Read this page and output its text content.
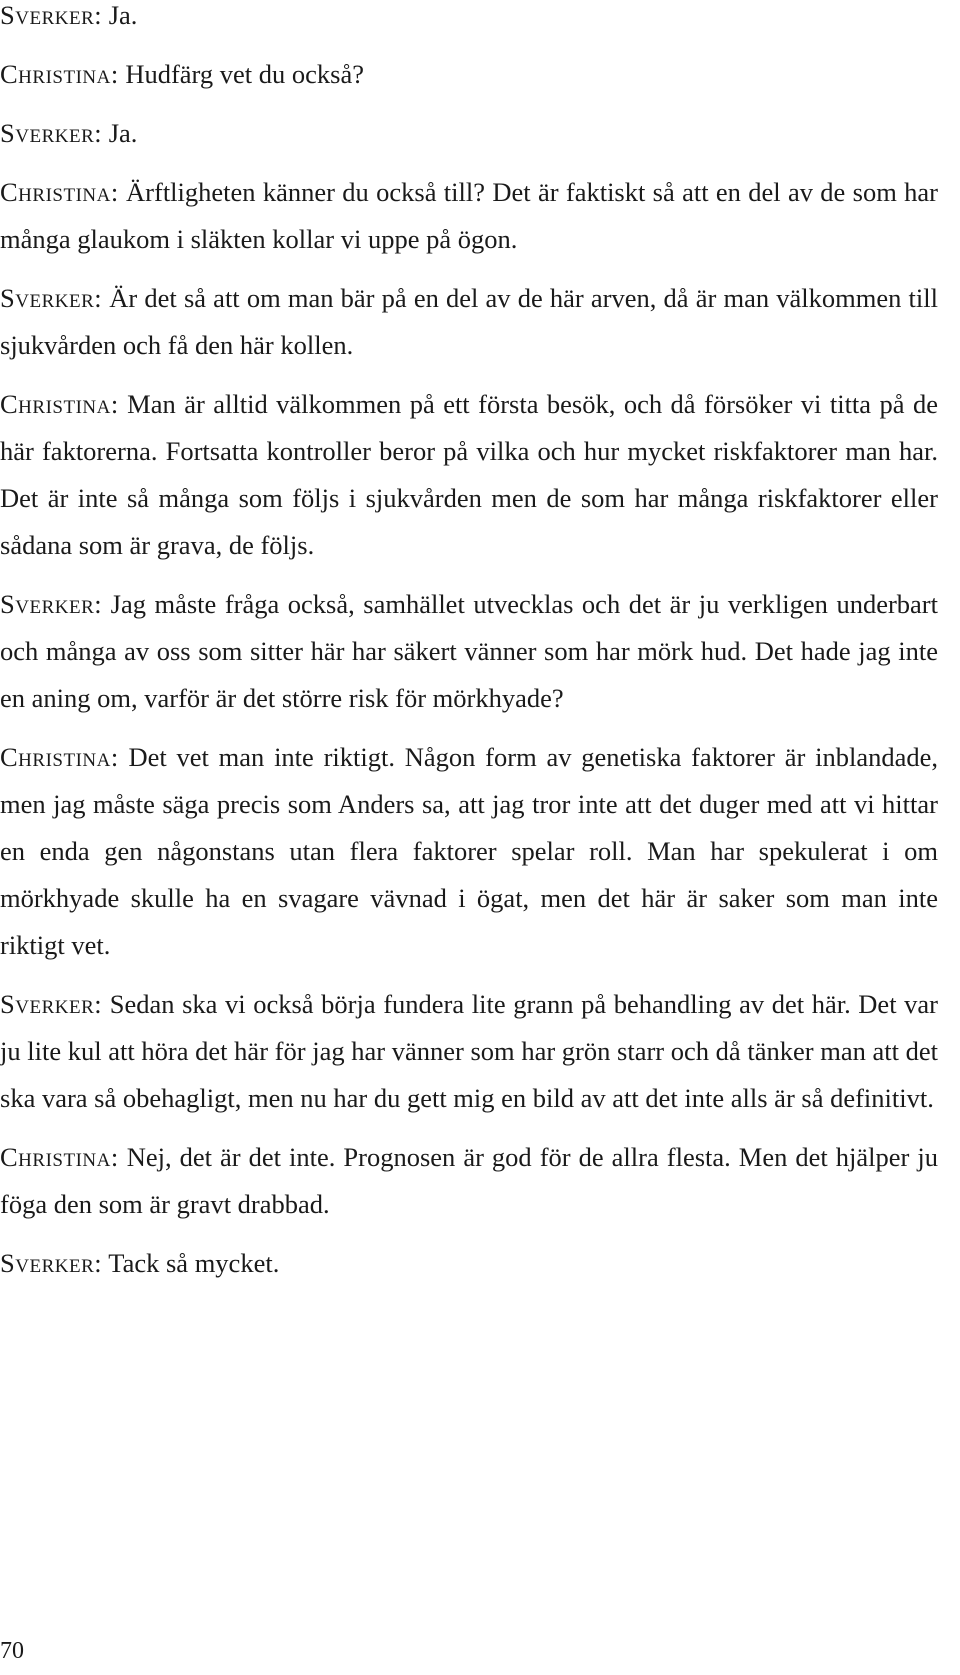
Sverker: Ja.

Christina: Hudfärg vet du också?

Sverker: Ja.

Christina: Ärftligheten känner du också till? Det är faktiskt så att en del av de som har många glaukom i släkten kollar vi uppe på ögon.

Sverker: Är det så att om man bär på en del av de här arven, då är man välkommen till sjukvården och få den här kollen.

Christina: Man är alltid välkommen på ett första besök, och då försöker vi titta på de här faktorerna. Fortsatta kontroller beror på vilka och hur mycket riskfaktorer man har. Det är inte så många som följs i sjukvården men de som har många riskfaktorer eller sådana som är grava, de följs.

Sverker: Jag måste fråga också, samhället utvecklas och det är ju verkligen underbart och många av oss som sitter här har säkert vänner som har mörk hud. Det hade jag inte en aning om, varför är det större risk för mörkhyade?

Christina: Det vet man inte riktigt. Någon form av genetiska faktorer är inblandade, men jag måste säga precis som Anders sa, att jag tror inte att det duger med att vi hittar en enda gen någonstans utan flera faktorer spelar roll. Man har spekulerat i om mörkhyade skulle ha en svagare vävnad i ögat, men det här är saker som man inte riktigt vet.

Sverker: Sedan ska vi också börja fundera lite grann på behandling av det här. Det var ju lite kul att höra det här för jag har vänner som har grön starr och då tänker man att det ska vara så obehagligt, men nu har du gett mig en bild av att det inte alls är så definitivt.

Christina: Nej, det är det inte. Prognosen är god för de allra flesta. Men det hjälper ju föga den som är gravt drabbad.

Sverker: Tack så mycket.

70
